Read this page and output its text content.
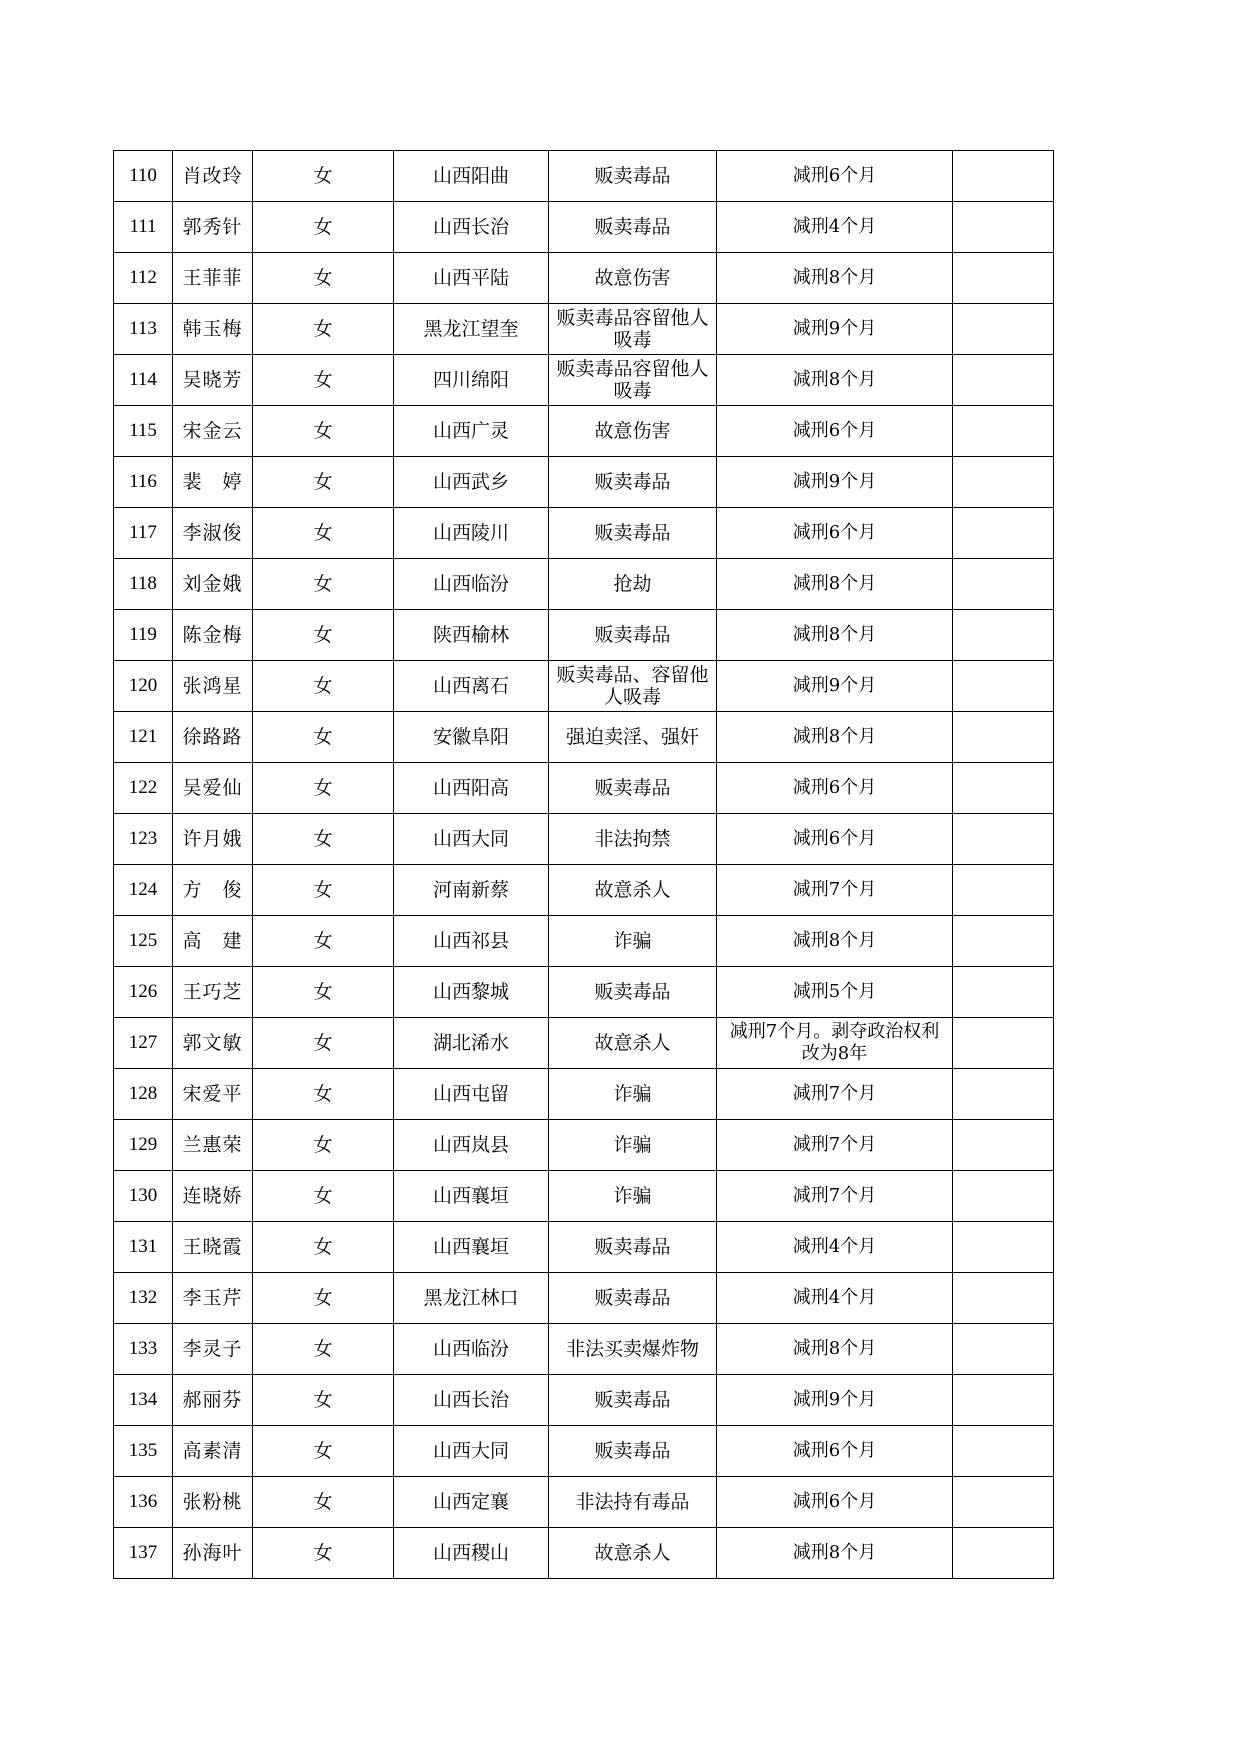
110	肖改玲	女	山西阳曲	贩卖毒品	减刑6个月	
111	郭秀针	女	山西长治	贩卖毒品	减刑4个月	
112	王菲菲	女	山西平陆	故意伤害	减刑8个月	
113	韩玉梅	女	黑龙江望奎	贩卖毒品容留他人吸毒	减刑9个月	
114	吴晓芳	女	四川绵阳	贩卖毒品容留他人吸毒	减刑8个月	
115	宋金云	女	山西广灵	故意伤害	减刑6个月	
116	裴　婷	女	山西武乡	贩卖毒品	减刑9个月	
117	李淑俊	女	山西陵川	贩卖毒品	减刑6个月	
118	刘金娥	女	山西临汾	抢劫	减刑8个月	
119	陈金梅	女	陕西榆林	贩卖毒品	减刑8个月	
120	张鸿星	女	山西离石	贩卖毒品、容留他人吸毒	减刑9个月	
121	徐路路	女	安徽阜阳	强迫卖淫、强奸	减刑8个月	
122	吴爱仙	女	山西阳高	贩卖毒品	减刑6个月	
123	许月娥	女	山西大同	非法拘禁	减刑6个月	
124	方　俊	女	河南新蔡	故意杀人	减刑7个月	
125	高　建	女	山西祁县	诈骗	减刑8个月	
126	王巧芝	女	山西黎城	贩卖毒品	减刑5个月	
127	郭文敏	女	湖北浠水	故意杀人	减刑7个月。剥夺政治权利改为8年	
128	宋爱平	女	山西屯留	诈骗	减刑7个月	
129	兰惠荣	女	山西岚县	诈骗	减刑7个月	
130	连晓娇	女	山西襄垣	诈骗	减刑7个月	
131	王晓霞	女	山西襄垣	贩卖毒品	减刑4个月	
132	李玉芹	女	黑龙江林口	贩卖毒品	减刑4个月	
133	李灵子	女	山西临汾	非法买卖爆炸物	减刑8个月	
134	郝丽芬	女	山西长治	贩卖毒品	减刑9个月	
135	高素清	女	山西大同	贩卖毒品	减刑6个月	
136	张粉桃	女	山西定襄	非法持有毒品	减刑6个月	
137	孙海叶	女	山西稷山	故意杀人	减刑8个月	
